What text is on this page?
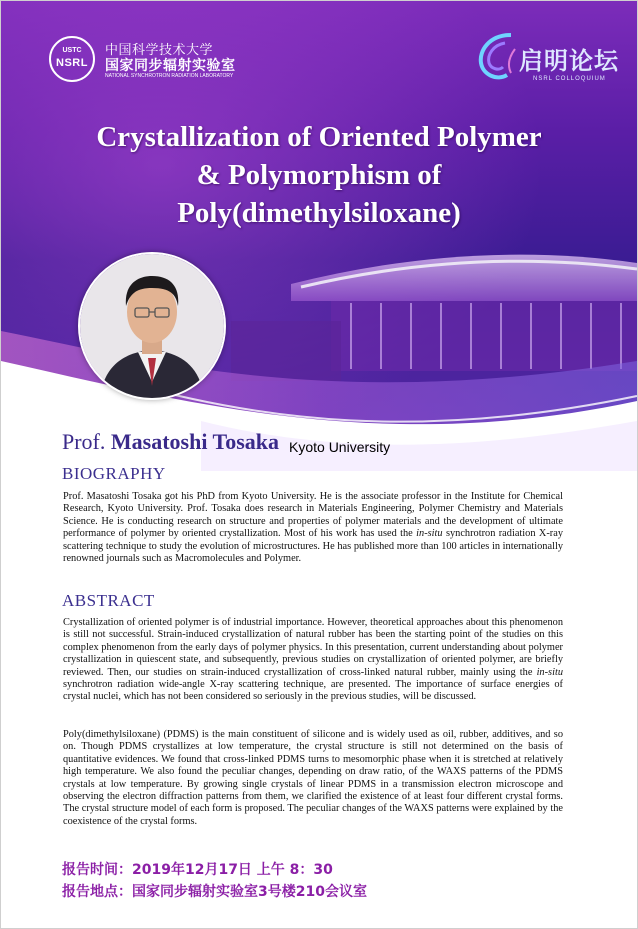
USTC
NSRL
中国科学技术大学
国家同步辐射实验室
NATIONAL SYNCHROTRON RADIATION LABORATORY
启明论坛
NSRL COLLOQUIUM
Crystallization of Oriented Polymer
& Polymorphism of
Poly(dimethylsiloxane)
Prof. Masatoshi Tosaka Kyoto University
BIOGRAPHY
Prof. Masatoshi Tosaka got his PhD from Kyoto University. He is the associate professor in the Institute for Chemical Research, Kyoto University. Prof. Tosaka does research in Materials Engineering, Polymer Chemistry and Materials Science. He is conducting research on structure and properties of polymer materials and the development of ultimate performance of polymer by oriented crystallization. Most of his work has used the in-situ synchrotron radiation X-ray scattering technique to study the evolution of microstructures. He has published more than 100 articles in internationally renowned journals such as Macromolecules and Polymer.
ABSTRACT
Crystallization of oriented polymer is of industrial importance. However, theoretical approaches about this phenomenon is still not successful. Strain-induced crystallization of natural rubber has been the starting point of the studies on this complex phenomenon from the early days of polymer physics. In this presentation, current understanding about polymer crystallization in quiescent state, and subsequently, previous studies on crystallization of oriented polymer, are briefly reviewed. Then, our studies on strain-induced crystallization of cross-linked natural rubber, mainly using the in-situ synchrotron radiation wide-angle X-ray scattering technique, are presented. The importance of surface energies of crystal nuclei, which has not been considered so seriously in the previous studies, will be discussed.
Poly(dimethylsiloxane) (PDMS) is the main constituent of silicone and is widely used as oil, rubber, additives, and so on. Though PDMS crystallizes at low temperature, the crystal structure is still not determined on the basis of quantitative evidences. We found that cross-linked PDMS turns to mesomorphic phase when it is stretched at relatively high temperature. We also found the peculiar changes, depending on draw ratio, of the WAXS patterns of the PDMS crystals at low temperature. By growing single crystals of linear PDMS in a transmission electron microscope and observing the electron diffraction patterns from them, we clarified the existence of at least four different crystal forms. The crystal structure model of each form is proposed. The peculiar changes of the WAXS patterns were explained by the coexistence of the crystal forms.
报告时间：2019年12月17日 上午 8：30
报告地点：国家同步辐射实验室3号楼210会议室
